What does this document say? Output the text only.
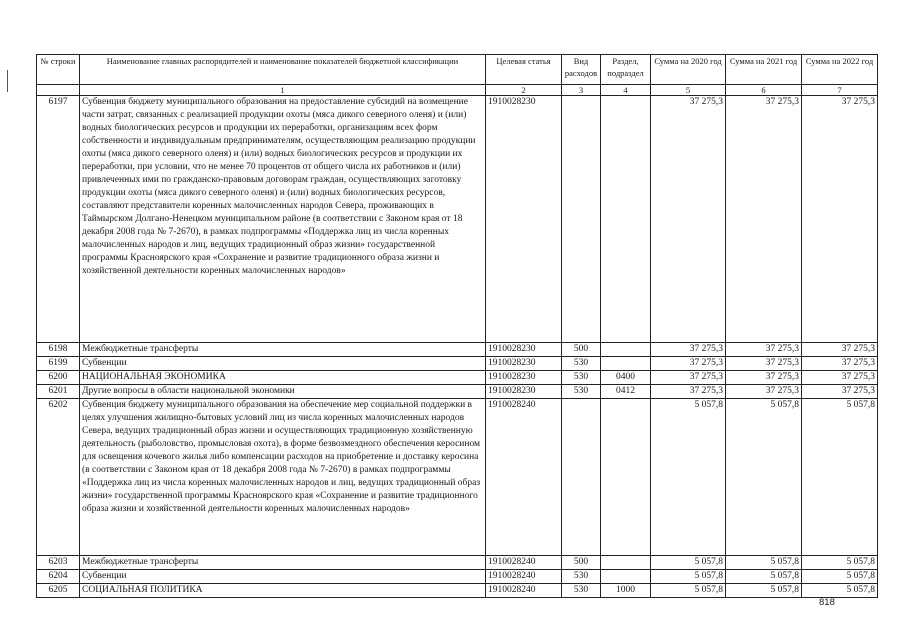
№ строки	Наименование главных распорядителей и наименование показателей бюджетной классификации	Целевая статья	Вид расходов	Раздел, подраздел	Сумма на 2020 год	Сумма на 2021 год	Сумма на 2022 год
	1	2	3	4	5	6	7
6197	Субвенция бюджету муниципального образования на предоставление субсидий на возмещение части затрат, связанных с реализацией продукции охоты (мяса дикого северного оленя) и (или) водных биологических ресурсов и продукции их переработки, организациям всех форм собственности и индивидуальным предпринимателям, осуществляющим реализацию продукции охоты (мяса дикого северного оленя) и (или) водных биологических ресурсов и продукции их переработки, при условии, что не менее 70 процентов от общего числа их работников и (или) привлеченных ими по гражданско-правовым договорам граждан, осуществляющих заготовку продукции охоты (мяса дикого северного оленя) и (или) водных биологических ресурсов, составляют представители коренных малочисленных народов Севера, проживающих в Таймырском Долгано-Ненецком муниципальном районе (в соответствии с Законом края от 18 декабря 2008 года № 7-2670), в рамках подпрограммы «Поддержка лиц из числа коренных малочисленных народов и лиц, ведущих традиционный образ жизни» государственной программы Красноярского края «Сохранение и развитие традиционного образа жизни и хозяйственной деятельности коренных малочисленных народов»	1910028230			37 275,3	37 275,3	37 275,3
6198	Межбюджетные трансферты	1910028230	500		37 275,3	37 275,3	37 275,3
6199	Субвенции	1910028230	530		37 275,3	37 275,3	37 275,3
6200	НАЦИОНАЛЬНАЯ ЭКОНОМИКА	1910028230	530	0400	37 275,3	37 275,3	37 275,3
6201	Другие вопросы в области национальной экономики	1910028230	530	0412	37 275,3	37 275,3	37 275,3
6202	Субвенция бюджету муниципального образования на обеспечение мер социальной поддержки в целях улучшения жилищно-бытовых условий лиц из числа коренных малочисленных народов Севера, ведущих традиционный образ жизни и осуществляющих традиционную хозяйственную деятельность (рыболовство, промысловая охота), в форме безвозмездного обеспечения керосином для освещения кочевого жилья либо компенсации расходов на приобретение и доставку керосина (в соответствии с Законом края от 18 декабря 2008 года № 7-2670) в рамках подпрограммы «Поддержка лиц из числа коренных малочисленных народов и лиц, ведущих традиционный образ жизни» государственной программы Красноярского края «Сохранение и развитие традиционного образа жизни и хозяйственной деятельности коренных малочисленных народов»	1910028240			5 057,8	5 057,8	5 057,8
6203	Межбюджетные трансферты	1910028240	500		5 057,8	5 057,8	5 057,8
6204	Субвенции	1910028240	530		5 057,8	5 057,8	5 057,8
6205	СОЦИАЛЬНАЯ ПОЛИТИКА	1910028240	530	1000	5 057,8	5 057,8	5 057,8
818
